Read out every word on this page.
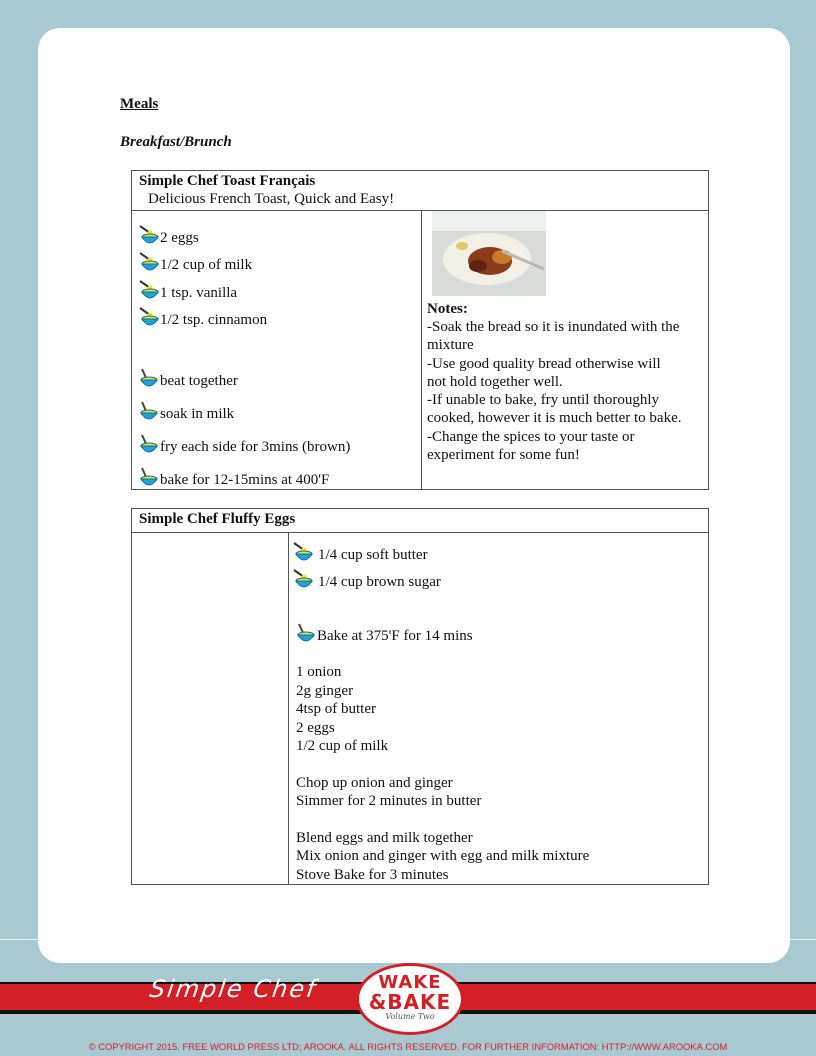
Meals

Breakfast/Brunch

Simple Chef Toast Français
Delicious French Toast, Quick and Easy!

2 eggs
1/2 cup of milk
1 tsp. vanilla
1/2 tsp. cinnamon
beat together
soak in milk
fry each side for 3mins (brown)
bake for 12-15mins at 400'F

Notes:
-Soak the bread so it is inundated with the
mixture
-Use good quality bread otherwise will
not hold together well.
-If unable to bake, fry until thoroughly
cooked, however it is much better to bake.
-Change the spices to your taste or
experiment for some fun!
Simple Chef Fluffy Eggs

1/4 cup soft butter
1/4 cup brown sugar
Bake at 375'F for 14 mins
1 onion
2g ginger
4tsp of butter
2 eggs
1/2 cup of milk
Chop up onion and ginger
Simmer for 2 minutes in butter
Blend eggs and milk together
Mix onion and ginger with egg and milk mixture
Stove Bake for 3 minutes
Simple Chef	WAKE
&BAKE
Volume Two
© COPYRIGHT 2015. FREE WORLD PRESS LTD; AROOKA. ALL RIGHTS RESERVED. FOR FURTHER INFORMATION: HTTP://WWW.AROOKA.COM
